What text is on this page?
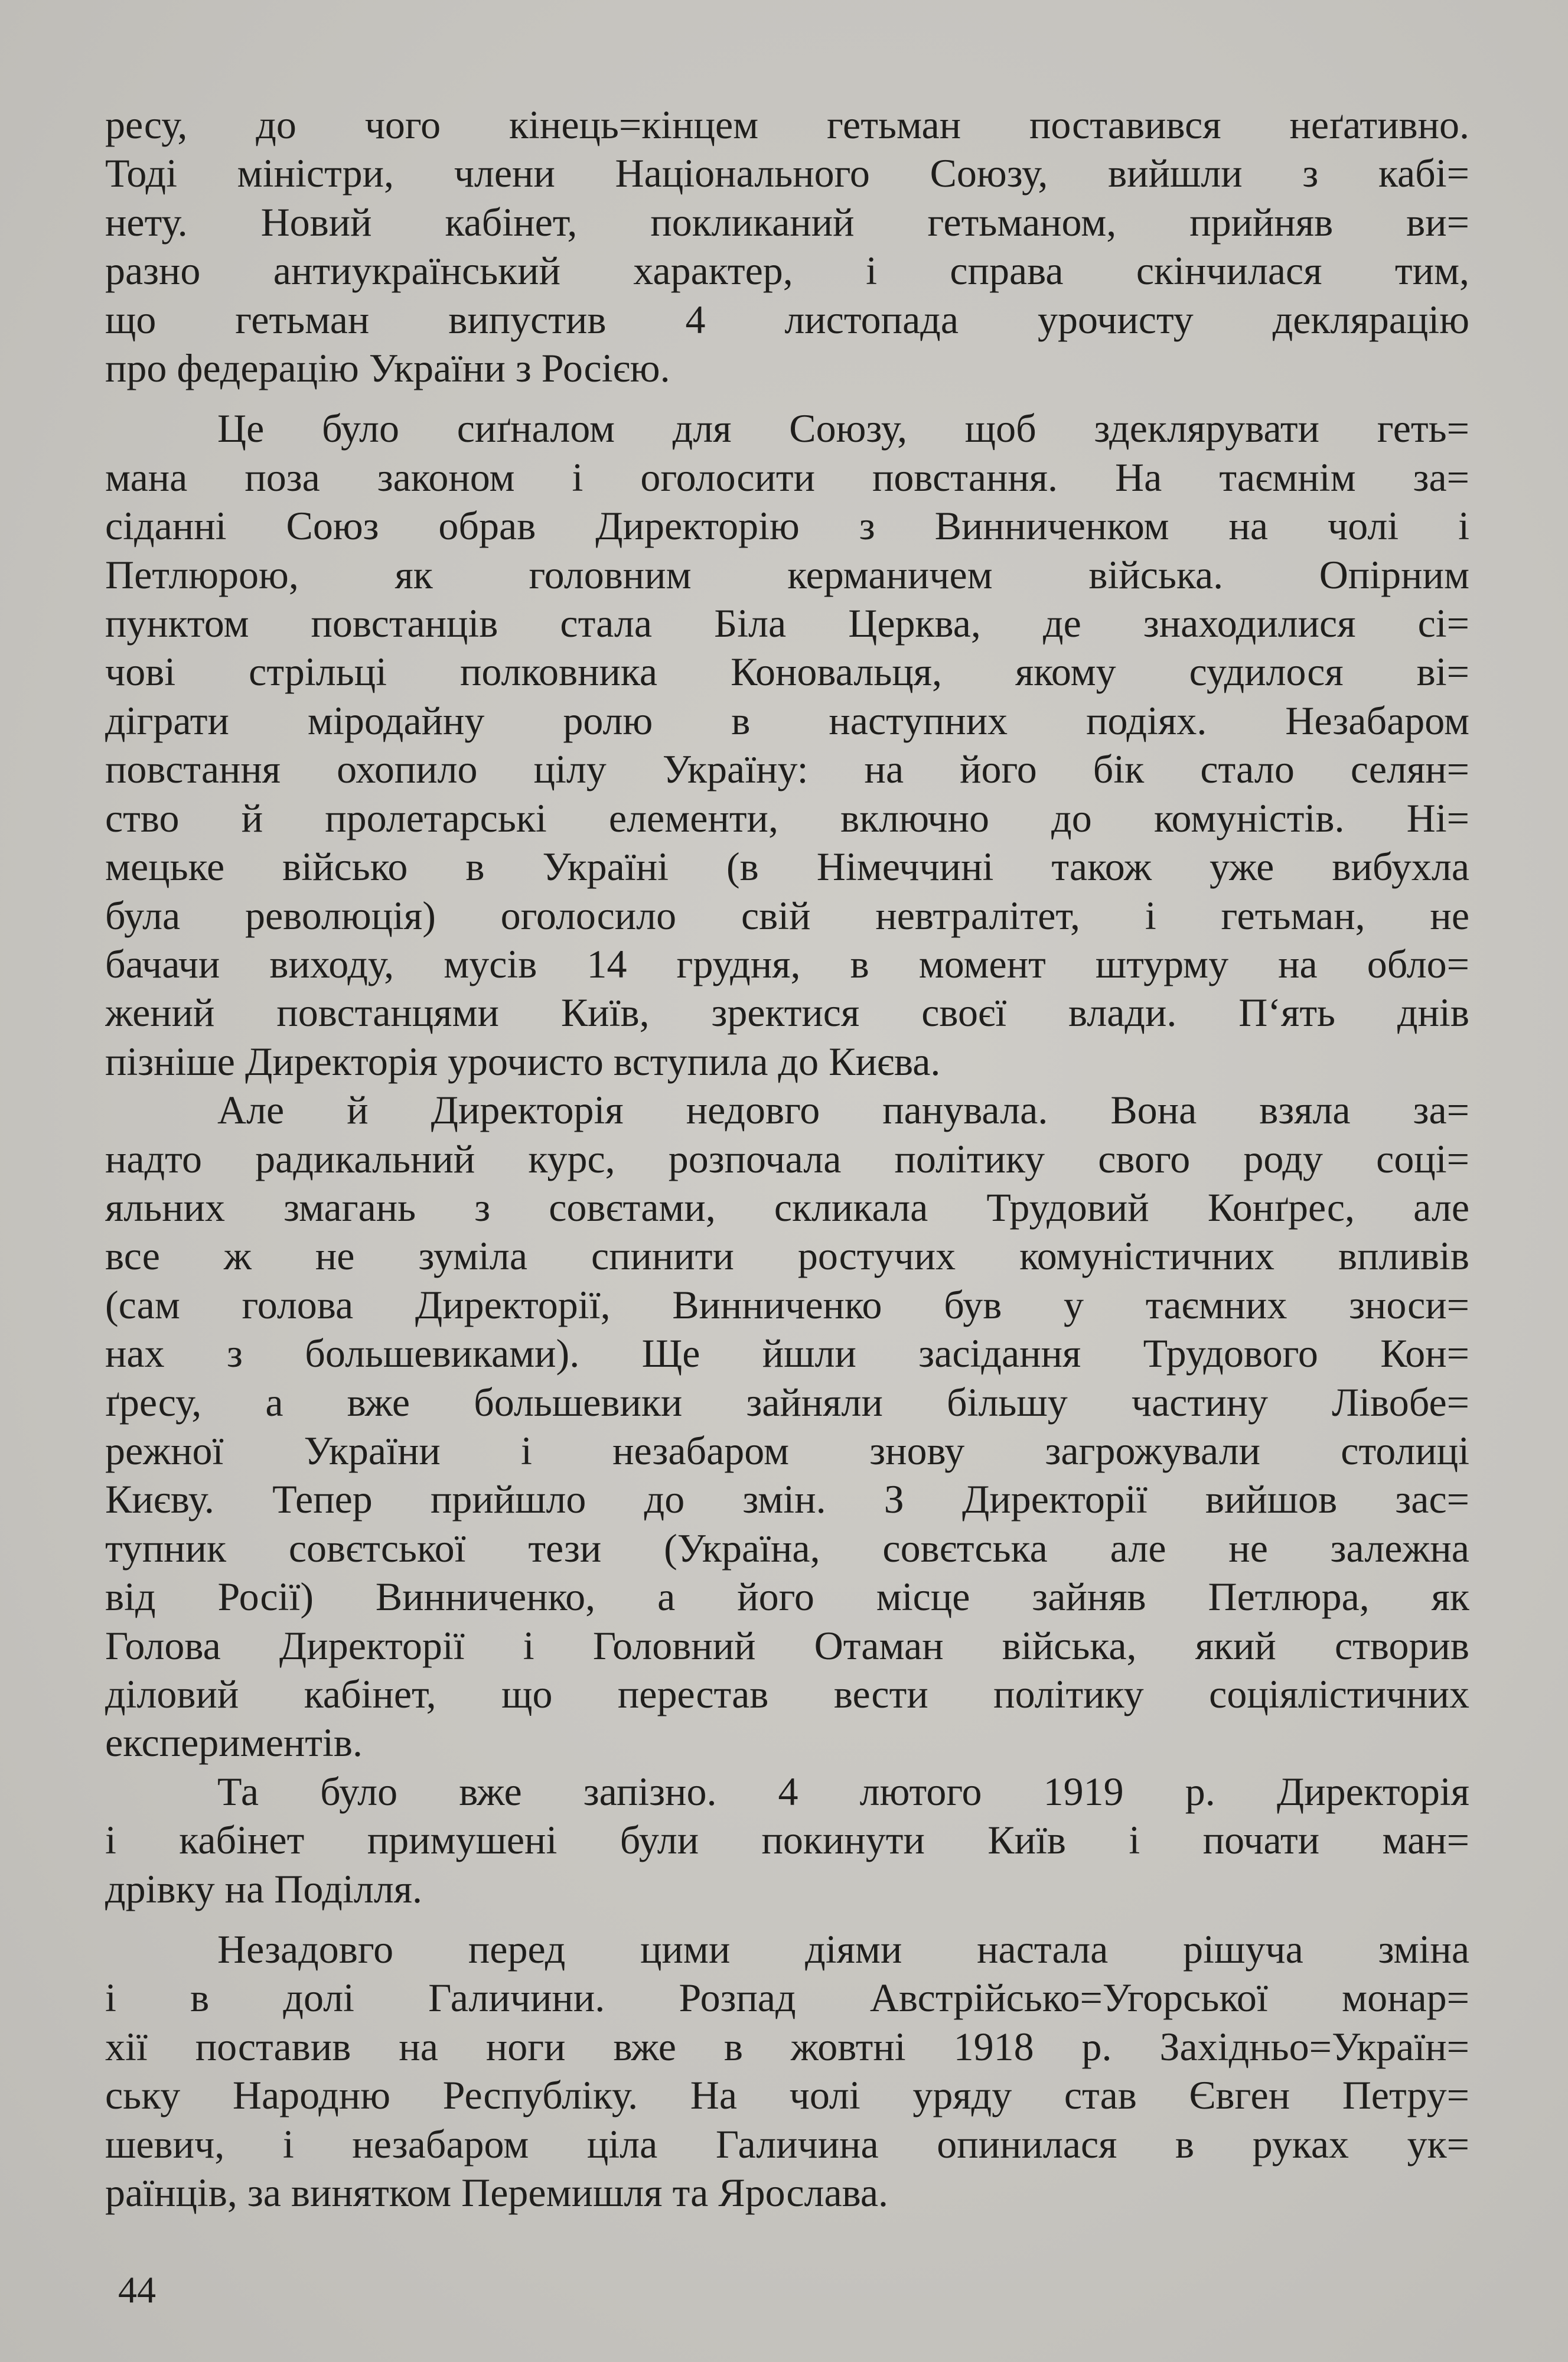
ресу, до чого кінець=кінцем гетьман поставився неґативно.
Тоді міністри, члени Національного Союзу, вийшли з кабі=
нету. Новий кабінет, покликаний гетьманом, прийняв ви=
разно антиукраїнський характер, і справа скінчилася тим,
що гетьман випустив 4 листопада урочисту деклярацію
про федерацію України з Росією.
Це було сиґналом для Союзу, щоб здеклярувати геть=
мана поза законом і оголосити повстання. На таємнім за=
сіданні Союз обрав Директорію з Винниченком на чолі і
Петлюрою, як головним керманичем війська. Опірним
пунктом повстанців стала Біла Церква, де знаходилися сі=
чові стрільці полковника Коновальця, якому судилося ві=
діграти міродайну ролю в наступних подіях. Незабаром
повстання охопило цілу Україну: на його бік стало селян=
ство й пролетарські елементи, включно до комуністів. Ні=
мецьке військо в Україні (в Німеччині також уже вибухла
була революція) оголосило свій невтралітет, і гетьман, не
бачачи виходу, мусів 14 грудня, в момент штурму на обло=
жений повстанцями Київ, зректися своєї влади. П‘ять днів
пізніше Директорія урочисто вступила до Києва.
Але й Директорія недовго панувала. Вона взяла за=
надто радикальний курс, розпочала політику свого роду соці=
яльних змагань з совєтами, скликала Трудовий Конґрес, але
все ж не зуміла спинити ростучих комуністичних впливів
(сам голова Директорії, Винниченко був у таємних зноси=
нах з большевиками). Ще йшли засідання Трудового Кон=
ґресу, а вже большевики зайняли більшу частину Лівобе=
режної України і незабаром знову загрожували столиці
Києву. Тепер прийшло до змін. З Директорії вийшов зас=
тупник совєтської тези (Україна, совєтська але не залежна
від Росії) Винниченко, а його місце зайняв Петлюра, як
Голова Директорії і Головний Отаман війська, який створив
діловий кабінет, що перестав вести політику соціялістичних
експериментів.
Та було вже запізно. 4 лютого 1919 р. Директорія
і кабінет примушені були покинути Київ і почати ман=
дрівку на Поділля.
Незадовго перед цими діями настала рішуча зміна
і в долі Галичини. Розпад Австрійсько=Угорської монар=
хії поставив на ноги вже в жовтні 1918 р. Західньо=Україн=
ську Народню Республіку. На чолі уряду став Євген Петру=
шевич, і незабаром ціла Галичина опинилася в руках ук=
раїнців, за винятком Перемишля та Ярослава.
44
